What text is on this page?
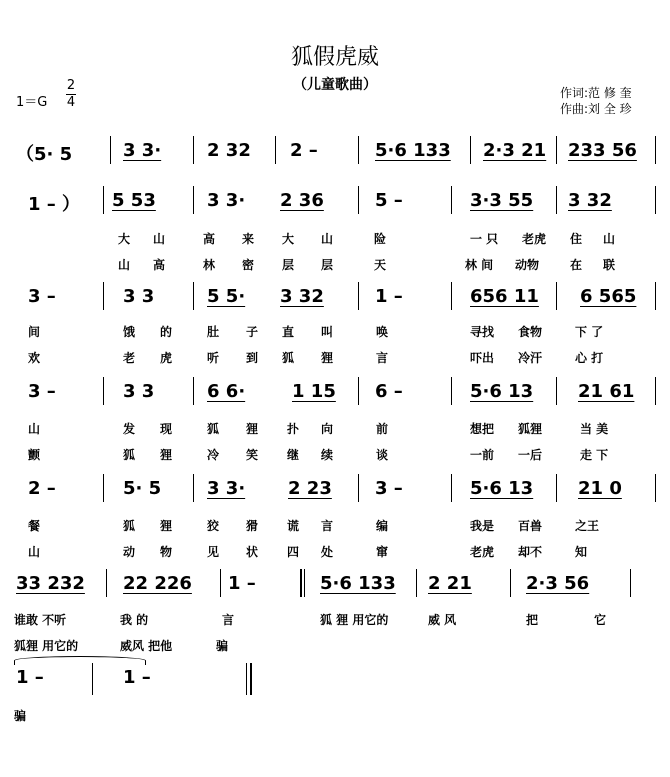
狐假虎威
（儿童歌曲）
1＝G
2
4
作词:范 修 奎
作曲:刘 全 珍
（5· 5	3 3·	2 32 2 –	5·6 133 2·3 21 233 56
1 – ） 5 53	3 3· 2 36	5 –	3·3 55 3 32
大 山	高 来 大 山	险	一 只 老虎 住 山
山 高	林 密 层 层	天	林 间 动物	在 联
3 –	3 3	5 5· 3 32	1 –	656 11 6 565
间	饿 的	肚 子 直 叫	唤	寻找 食物	下 了
欢	老 虎	听 到 狐 狸	言	吓出 冷汗	心 打
3 –	3 3	6 6·	1 15 6 –	5·6 13 21 61
山	发 现	狐 狸 扑 向	前	想把 狐狸	当 美
颤	狐 狸	冷 笑 继 续	谈	一前 一后	走 下
2 –	5· 5	3 3· 2 23 3 –	5·6 13 21 0
餐	狐 狸	狡 猾 谎 言	编	我是 百兽	之王
山	动 物	见 状 四 处	窜	老虎 却不	知
33 232 22 226 1 –	5·6 133 2 21	2·3 56
谁敢 不听	我 的	言	狐 狸 用它的	威 风	把	它
狐狸 用它的	威风 把他	骗
1 –	1 –
骗
